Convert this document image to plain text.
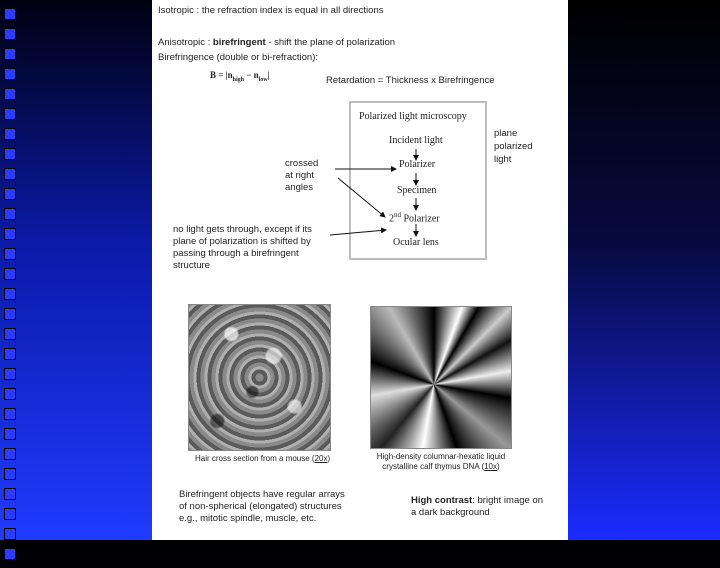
Isotropic : the refraction index is equal in all directions
Anisotropic : birefringent - shift the plane of polarization
Birefringence (double or bi-refraction):
$B = |n_{high} - n_{low}|$	Retardation = Thickness x Birefringence
Polarized light microscopy
Incident light
Polarizer
Specimen
2nd Polarizer
Ocular lens
plane
polarized
light
crossed
at right
angles
no light gets through, except if its
plane of polarization is shifted by
passing through a birefringent
structure
Hair cross section from a mouse (20x)	High-density columnar-hexatic liquid
crystalline calf thymus DNA (10x)
Birefringent objects have regular arrays
of non-spherical (elongated) structures
e.g., mitotic spindle, muscle, etc.
High contrast: bright image on
a dark background
